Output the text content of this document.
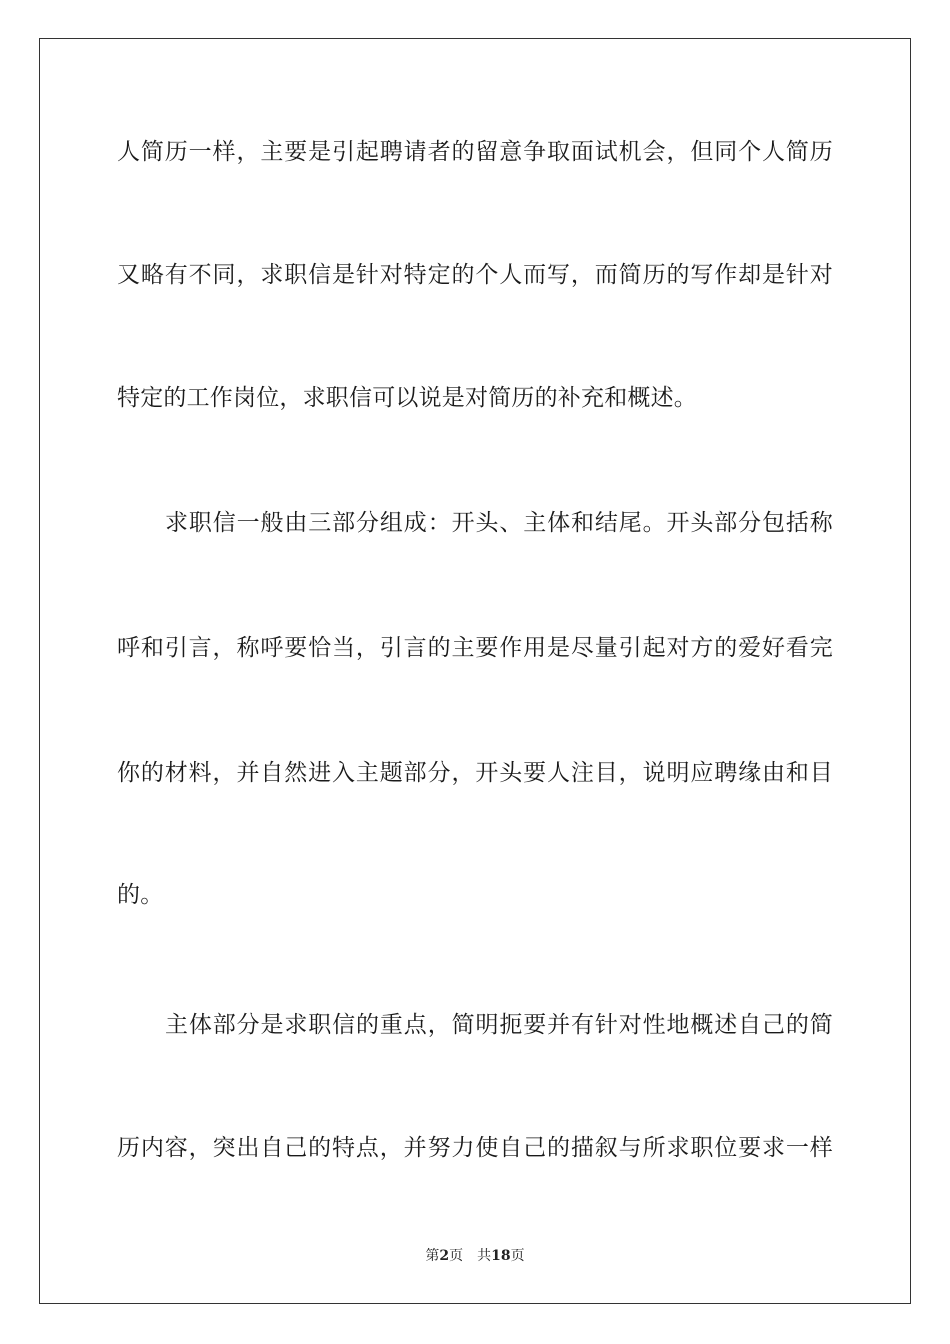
人简历一样，主要是引起聘请者的留意争取面试机会，但同个人简历

又略有不同，求职信是针对特定的个人而写，而简历的写作却是针对

特定的工作岗位，求职信可以说是对简历的补充和概述。

求职信一般由三部分组成：开头、主体和结尾。开头部分包括称

呼和引言，称呼要恰当，引言的主要作用是尽量引起对方的爱好看完

你的材料，并自然进入主题部分，开头要人注目，说明应聘缘由和目

的。

主体部分是求职信的重点，简明扼要并有针对性地概述自己的简

历内容，突出自己的特点，并努力使自己的描叙与所求职位要求一样

第2页 共18页
